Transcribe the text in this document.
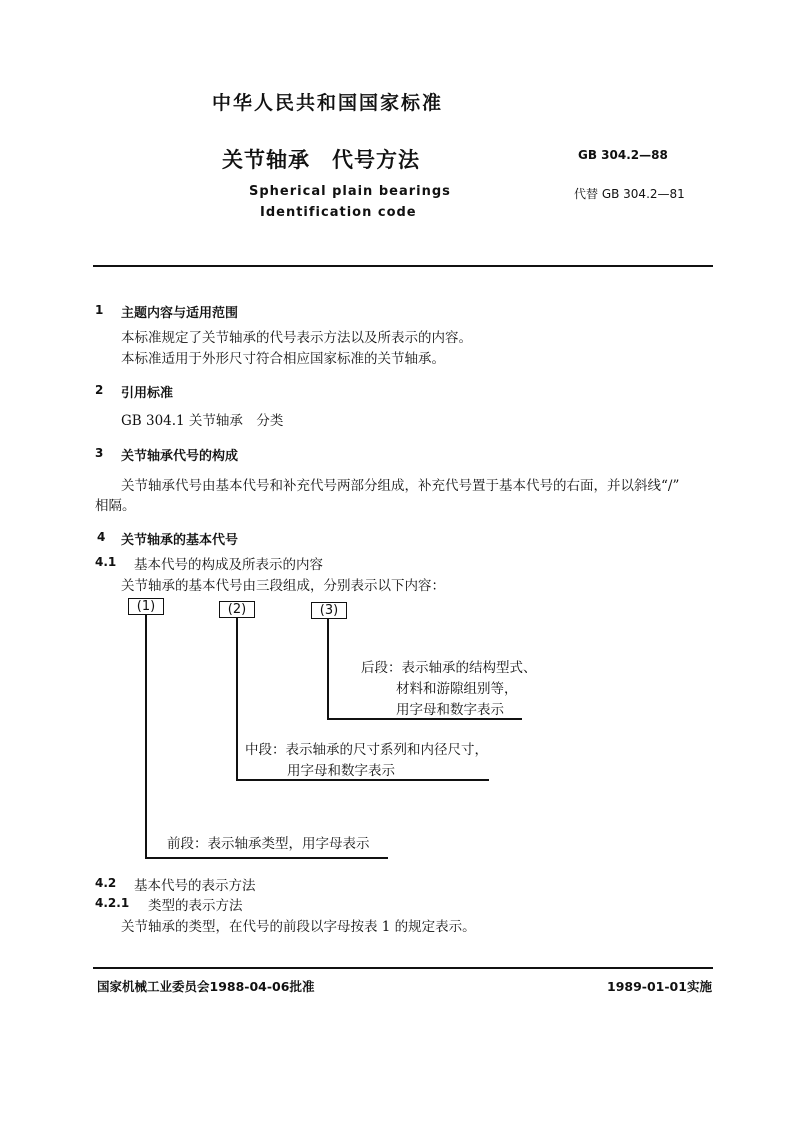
中华人民共和国国家标准
关节轴承　代号方法	GB 304.2—88
Spherical plain bearings	代替 GB 304.2—81
Identification code
1 主题内容与适用范围
本标准规定了关节轴承的代号表示方法以及所表示的内容。
本标准适用于外形尺寸符合相应国家标准的关节轴承。
2 引用标准
GB 304.1 关节轴承　分类
3 关节轴承代号的构成
关节轴承代号由基本代号和补充代号两部分组成，补充代号置于基本代号的右面，并以斜线“/”
相隔。
4 关节轴承的基本代号
4.1 基本代号的构成及所表示的内容
关节轴承的基本代号由三段组成，分别表示以下内容：
(1)	(2)	(3)
后段：表示轴承的结构型式、
材料和游隙组别等，
用字母和数字表示
中段：表示轴承的尺寸系列和内径尺寸，
用字母和数字表示
前段：表示轴承类型，用字母表示
4.2 基本代号的表示方法
4.2.1 类型的表示方法
关节轴承的类型，在代号的前段以字母按表 1 的规定表示。
国家机械工业委员会1988-04-06批准	1989-01-01实施
